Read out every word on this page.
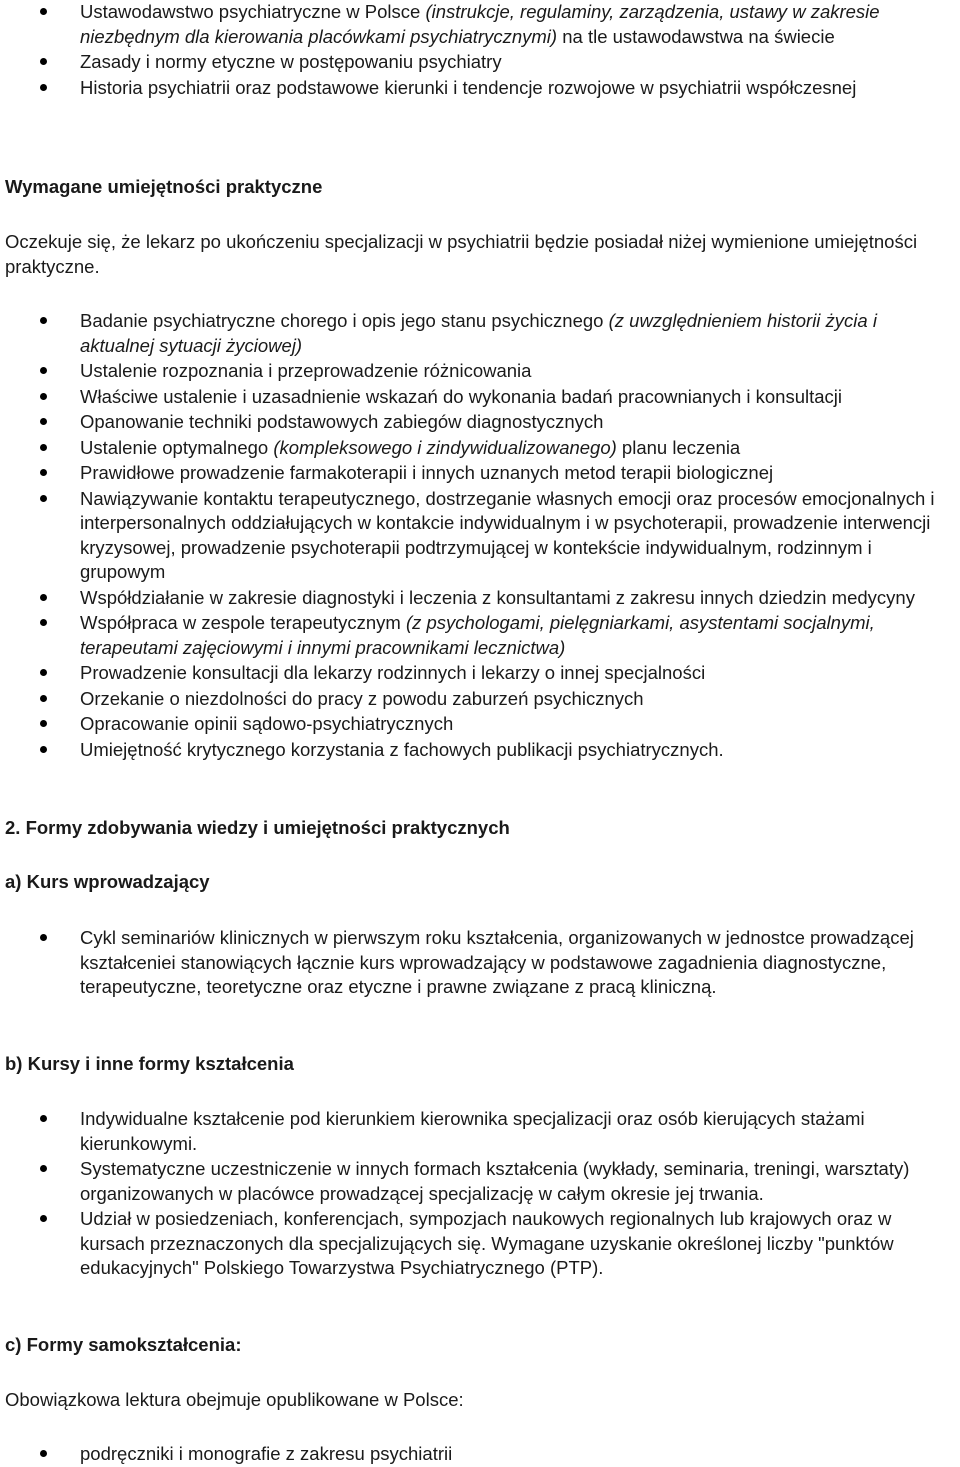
Ustawodawstwo psychiatryczne w Polsce (instrukcje, regulaminy, zarządzenia, ustawy w zakresie niezbędnym dla kierowania placówkami psychiatrycznymi) na tle ustawodawstwa na świecie
Zasady i normy etyczne w postępowaniu psychiatry
Historia psychiatrii oraz podstawowe kierunki i tendencje rozwojowe w psychiatrii współczesnej
Wymagane umiejętności praktyczne
Oczekuje się, że lekarz po ukończeniu specjalizacji w psychiatrii będzie posiadał niżej wymienione umiejętności praktyczne.
Badanie psychiatryczne chorego i opis jego stanu psychicznego (z uwzględnieniem historii życia i aktualnej sytuacji życiowej)
Ustalenie rozpoznania i przeprowadzenie różnicowania
Właściwe ustalenie i uzasadnienie wskazań do wykonania badań pracownianych i konsultacji
Opanowanie techniki podstawowych zabiegów diagnostycznych
Ustalenie optymalnego (kompleksowego i zindywidualizowanego) planu leczenia
Prawidłowe prowadzenie farmakoterapii i innych uznanych metod terapii biologicznej
Nawiązywanie kontaktu terapeutycznego, dostrzeganie własnych emocji oraz procesów emocjonalnych i interpersonalnych oddziałujących w kontakcie indywidualnym i w psychoterapii, prowadzenie interwencji kryzysowej, prowadzenie psychoterapii podtrzymującej w kontekście indywidualnym, rodzinnym i grupowym
Współdziałanie w zakresie diagnostyki i leczenia z konsultantami z zakresu innych dziedzin medycyny
Współpraca w zespole terapeutycznym (z psychologami, pielęgniarkami, asystentami socjalnymi, terapeutami zajęciowymi i innymi pracownikami lecznictwa)
Prowadzenie konsultacji dla lekarzy rodzinnych i lekarzy o innej specjalności
Orzekanie o niezdolności do pracy z powodu zaburzeń psychicznych
Opracowanie opinii sądowo-psychiatrycznych
Umiejętność krytycznego korzystania z fachowych publikacji psychiatrycznych.
2. Formy zdobywania wiedzy i umiejętności praktycznych
a) Kurs wprowadzający
Cykl seminariów klinicznych w pierwszym roku kształcenia, organizowanych w jednostce prowadzącej kształceniei stanowiących łącznie kurs wprowadzający w podstawowe zagadnienia diagnostyczne, terapeutyczne, teoretyczne oraz etyczne i prawne związane z pracą kliniczną.
b) Kursy i inne formy kształcenia
Indywidualne kształcenie pod kierunkiem kierownika specjalizacji oraz osób kierujących stażami kierunkowymi.
Systematyczne uczestniczenie w innych formach kształcenia (wykłady, seminaria, treningi, warsztaty) organizowanych w placówce prowadzącej specjalizację w całym okresie jej trwania.
Udział w posiedzeniach, konferencjach, sympozjach naukowych regionalnych lub krajowych oraz w kursach przeznaczonych dla specjalizujących się. Wymagane uzyskanie określonej liczby "punktów edukacyjnych" Polskiego Towarzystwa Psychiatrycznego (PTP).
c) Formy samokształcenia:
Obowiązkowa lektura obejmuje opublikowane w Polsce:
podręczniki i monografie z zakresu psychiatrii
